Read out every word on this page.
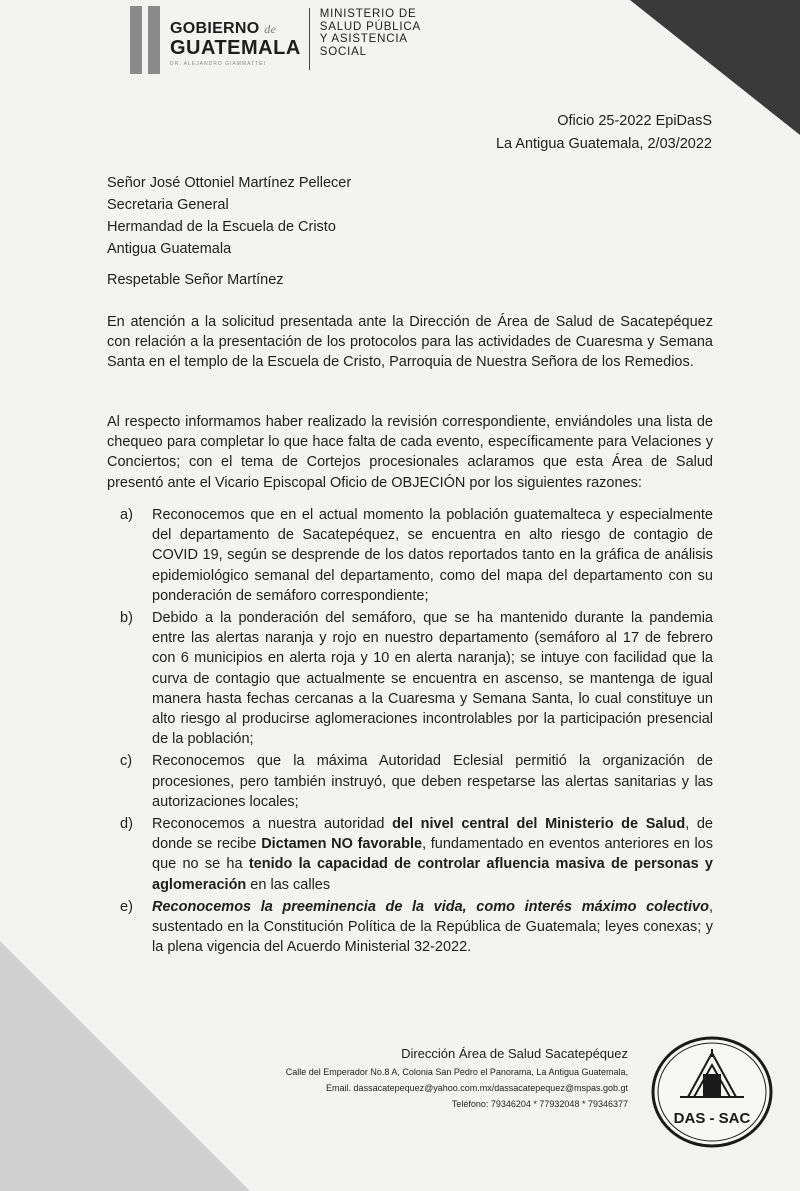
GOBIERNO de
GUATEMALA
DR. ALEJANDRO GIAMMATTEI
MINISTERIO DE
SALUD PÚBLICA
Y ASISTENCIA
SOCIAL
Oficio 25-2022 EpiDasS
La Antigua Guatemala, 2/03/2022
Señor José Ottoniel Martínez Pellecer
Secretaria General
Hermandad de la Escuela de Cristo
Antigua Guatemala
Respetable Señor Martínez
En atención a la solicitud presentada ante la Dirección de Área de Salud de Sacatepéquez con relación a la presentación de los protocolos para las actividades de Cuaresma y Semana Santa en el templo de la Escuela de Cristo, Parroquia de Nuestra Señora de los Remedios.
Al respecto informamos haber realizado la revisión correspondiente, enviándoles una lista de chequeo para completar lo que hace falta de cada evento, específicamente para Velaciones y Conciertos; con el tema de Cortejos procesionales aclaramos que esta Área de Salud presentó ante el Vicario Episcopal Oficio de OBJECIÓN por los siguientes razones:
a) Reconocemos que en el actual momento la población guatemalteca y especialmente del departamento de Sacatepéquez, se encuentra en alto riesgo de contagio de COVID 19, según se desprende de los datos reportados tanto en la gráfica de análisis epidemiológico semanal del departamento, como del mapa del departamento con su ponderación de semáforo correspondiente;
b) Debido a la ponderación del semáforo, que se ha mantenido durante la pandemia entre las alertas naranja y rojo en nuestro departamento (semáforo al 17 de febrero con 6 municipios en alerta roja y 10 en alerta naranja); se intuye con facilidad que la curva de contagio que actualmente se encuentra en ascenso, se mantenga de igual manera hasta fechas cercanas a la Cuaresma y Semana Santa, lo cual constituye un alto riesgo al producirse aglomeraciones incontrolables por la participación presencial de la población;
c) Reconocemos que la máxima Autoridad Eclesial permitió la organización de procesiones, pero también instruyó, que deben respetarse las alertas sanitarias y las autorizaciones locales;
d) Reconocemos a nuestra autoridad del nivel central del Ministerio de Salud, de donde se recibe Dictamen NO favorable, fundamentado en eventos anteriores en los que no se ha tenido la capacidad de controlar afluencia masiva de personas y aglomeración en las calles
e) Reconocemos la preeminencia de la vida, como interés máximo colectivo, sustentado en la Constitución Política de la República de Guatemala; leyes conexas; y la plena vigencia del Acuerdo Ministerial 32-2022.
Dirección Área de Salud Sacatepéquez
Calle del Emperador No.8 A, Colonia San Pedro el Panorama, La Antigua Guatemala,
Email. dassacatepequez@yahoo.com.mx/dassacatepequez@mspas.gob.gt
Teléfono: 79346204 * 77932048 * 79346377
DAS - SAC
